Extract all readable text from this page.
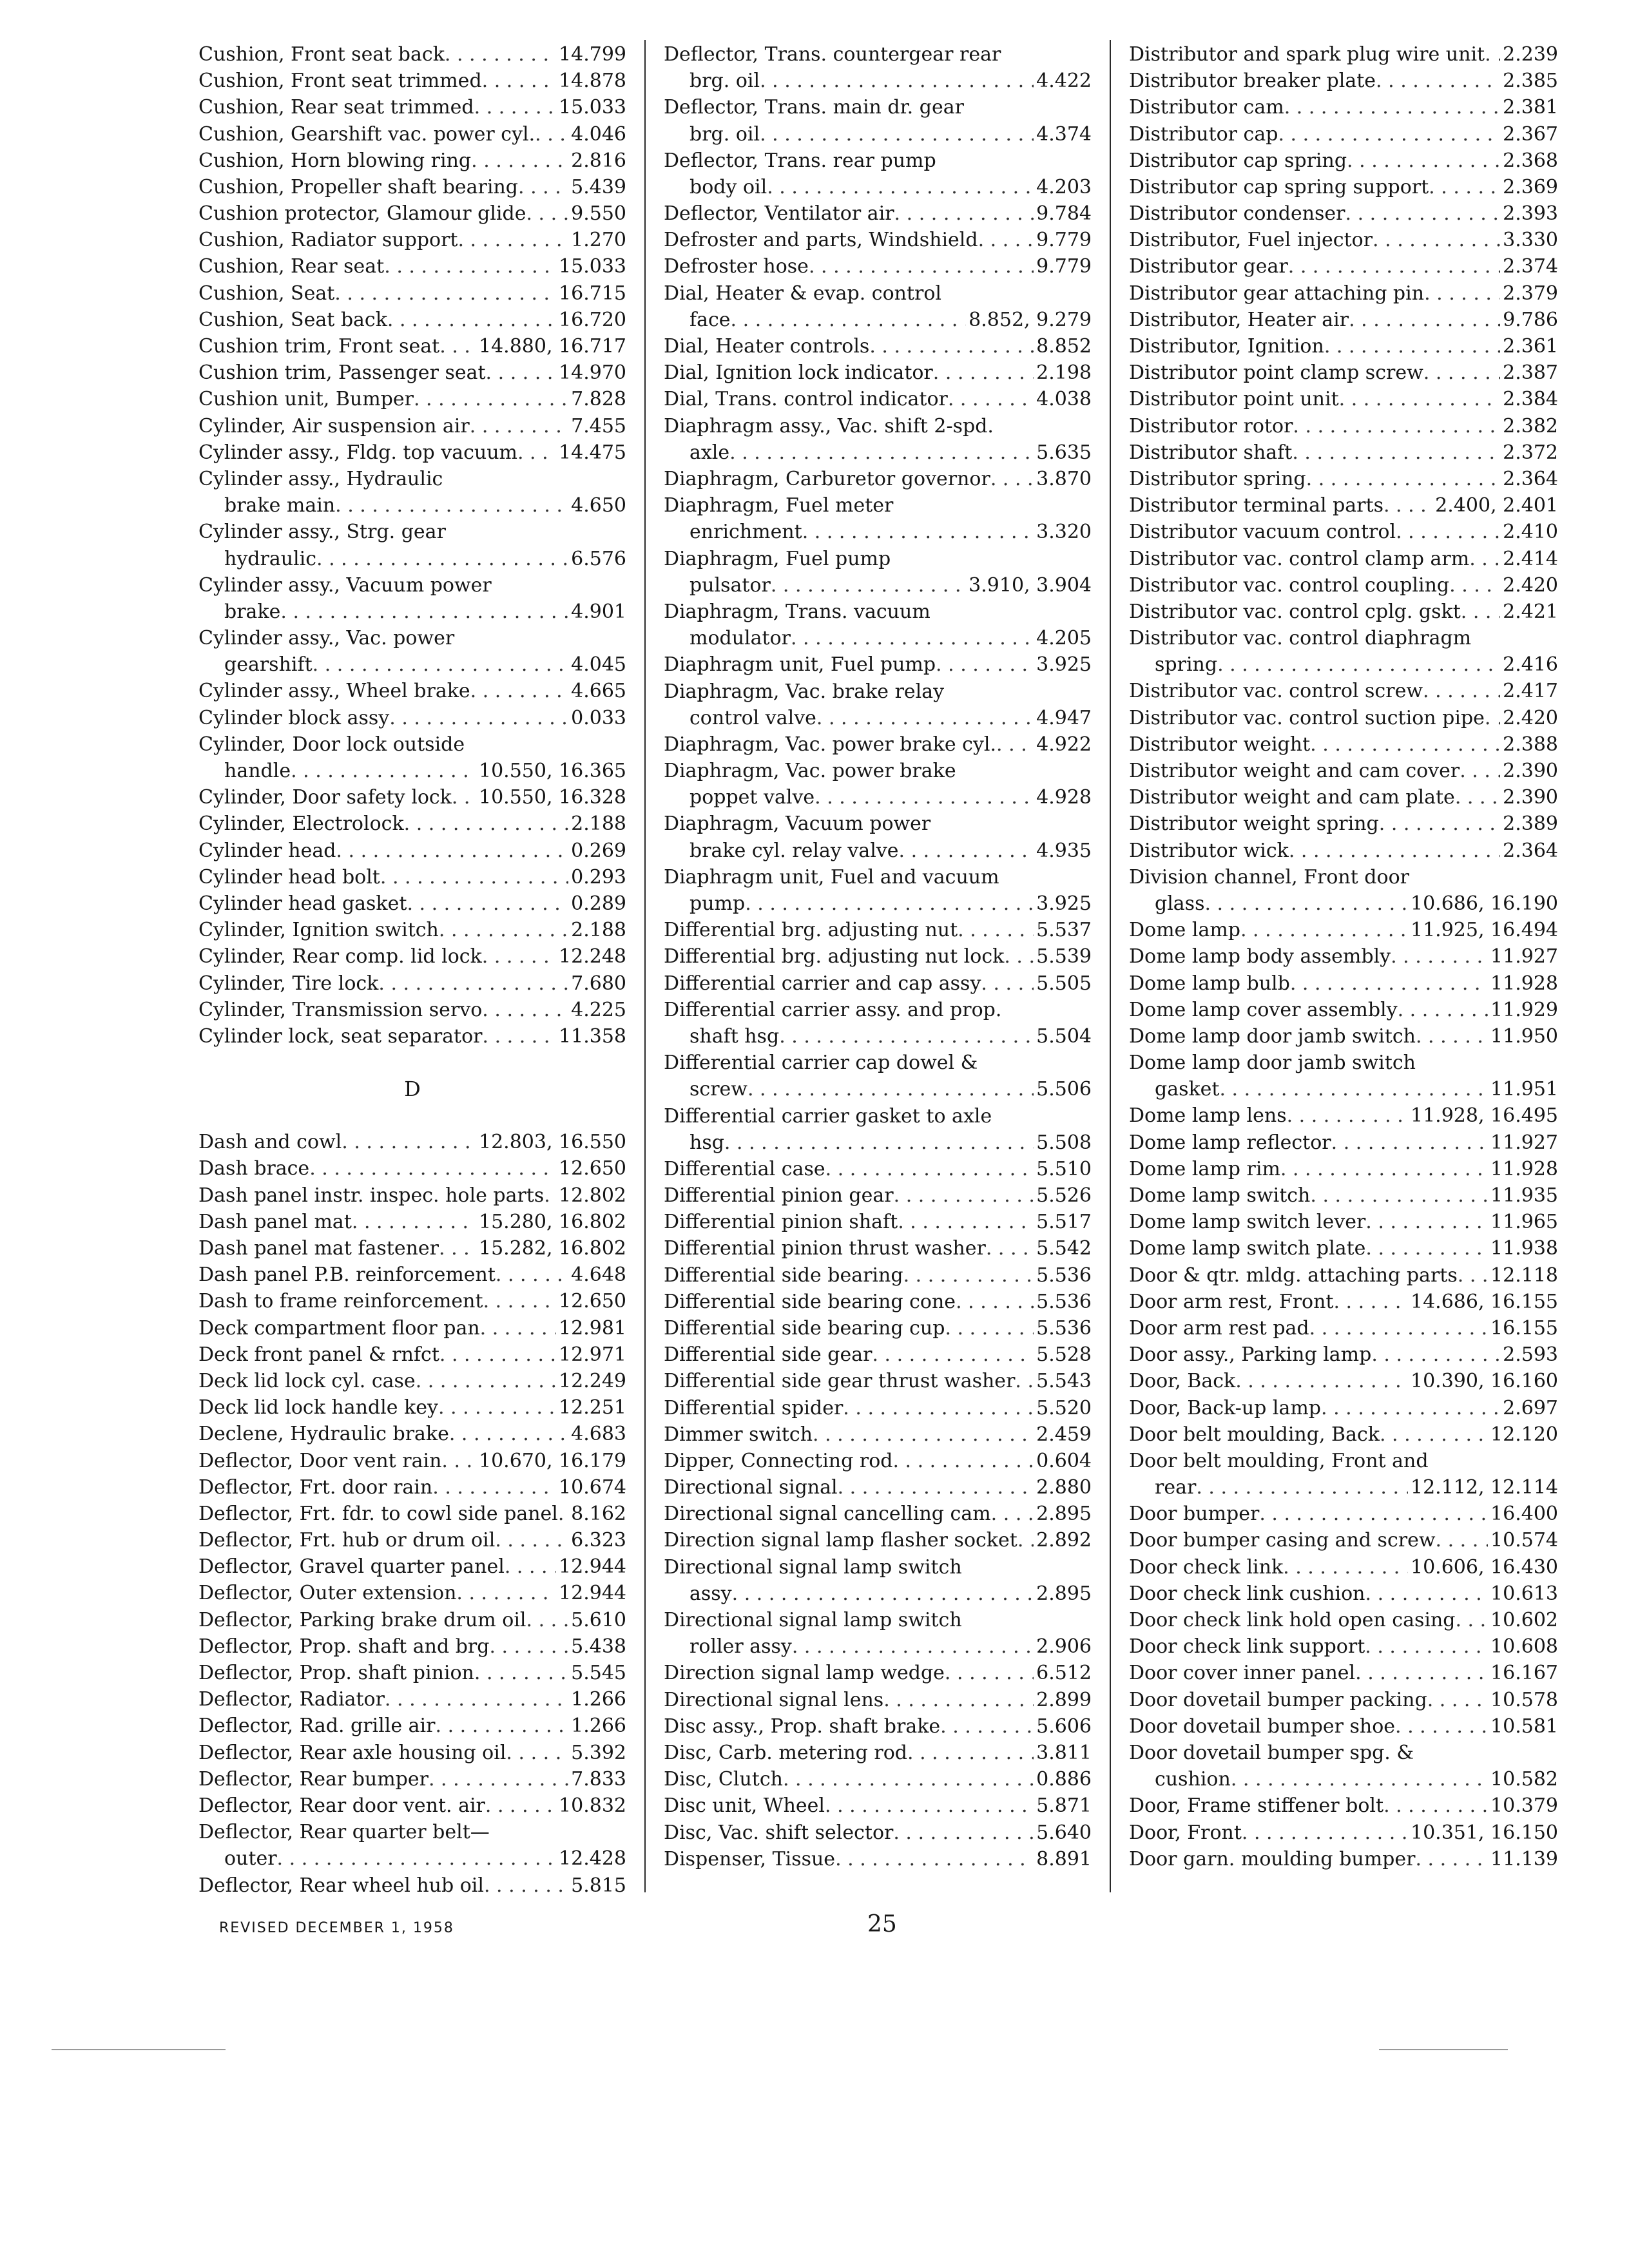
Cushion, Front seat back . . .	14.799
Cushion, Front seat trimmed . . .	14.878
Cushion, Rear seat trimmed . . .	15.033
Cushion, Gearshift vac. power cyl. . . . 4.046
Cushion, Horn blowing ring . . .	2.816
Cushion, Propeller shaft bearing . . .	5.439
Cushion protector, Glamour glide . . . 9.550
Cushion, Radiator support . . .	1.270
Cushion, Rear seat . . .	15.033
Cushion, Seat . . .	16.715
Cushion, Seat back . . .	16.720
Cushion trim, Front seat . . . 14.880, 16.717
Cushion trim, Passenger seat . . .	14.970
Cushion unit, Bumper . . .	7.828
Cylinder, Air suspension air . . .	7.455
Cylinder assy., Fldg. top vacuum . . . 14.475
Cylinder assy., Hydraulic
brake main . . .	4.650
Cylinder assy., Strg. gear
hydraulic . . .	6.576
Cylinder assy., Vacuum power
brake . . .	4.901
Cylinder assy., Vac. power
gearshift . . .	4.045
Cylinder assy., Wheel brake . . .	4.665
Cylinder block assy . . .	0.033
Cylinder, Door lock outside
handle . . .	10.550, 16.365
Cylinder, Door safety lock . . . 10.550, 16.328
Cylinder, Electrolock . . .	2.188
Cylinder head . . .	0.269
Cylinder head bolt . . .	0.293
Cylinder head gasket . . .	0.289
Cylinder, Ignition switch . . .	2.188
Cylinder, Rear comp. lid lock . . .	12.248
Cylinder, Tire lock . . .	7.680
Cylinder, Transmission servo . . .	4.225
Cylinder lock, seat separator . . .	11.358
D
Dash and cowl . . .	12.803, 16.550
Dash brace . . .	12.650
Dash panel instr. inspec. hole parts . . . 12.802
Dash panel mat . . .	15.280, 16.802
Dash panel mat fastener . . . 15.282, 16.802
Dash panel P.B. reinforcement . . .	4.648
Dash to frame reinforcement . . .	12.650
Deck compartment floor pan . . .	12.981
Deck front panel & rnfct . . .	12.971
Deck lid lock cyl. case . . .	12.249
Deck lid lock handle key . . .	12.251
Declene, Hydraulic brake . . .	4.683
Deflector, Door vent rain . . . 10.670, 16.179
Deflector, Frt. door rain . . .	10.674
Deflector, Frt. fdr. to cowl side panel . . . 8.162
Deflector, Frt. hub or drum oil . . .	6.323
Deflector, Gravel quarter panel . . .	12.944
Deflector, Outer extension . . .	12.944
Deflector, Parking brake drum oil . . . 5.610
Deflector, Prop. shaft and brg . . .	5.438
Deflector, Prop. shaft pinion . . .	5.545
Deflector, Radiator . . .	1.266
Deflector, Rad. grille air . . .	1.266
Deflector, Rear axle housing oil . . .	5.392
Deflector, Rear bumper . . .	7.833
Deflector, Rear door vent. air . . .	10.832
Deflector, Rear quarter belt—
outer . . .	12.428
Deflector, Rear wheel hub oil . . .	5.815
Deflector, Trans. countergear rear
brg. oil . . .	4.422
Deflector, Trans. main dr. gear
brg. oil . . .	4.374
Deflector, Trans. rear pump
body oil . . .	4.203
Deflector, Ventilator air . . .	9.784
Defroster and parts, Windshield . . .	9.779
Defroster hose . . .	9.779
Dial, Heater & evap. control
face . . .	8.852, 9.279
Dial, Heater controls . . .	8.852
Dial, Ignition lock indicator . . .	2.198
Dial, Trans. control indicator . . .	4.038
Diaphragm assy., Vac. shift 2-spd.
axle . . .	5.635
Diaphragm, Carburetor governor . . . 3.870
Diaphragm, Fuel meter
enrichment . . .	3.320
Diaphragm, Fuel pump
pulsator . . .	3.910, 3.904
Diaphragm, Trans. vacuum
modulator . . .	4.205
Diaphragm unit, Fuel pump . . .	3.925
Diaphragm, Vac. brake relay
control valve . . .	4.947
Diaphragm, Vac. power brake cyl. . . . 4.922
Diaphragm, Vac. power brake
poppet valve . . .	4.928
Diaphragm, Vacuum power
brake cyl. relay valve . . .	4.935
Diaphragm unit, Fuel and vacuum
pump . . .	3.925
Differential brg. adjusting nut . . .	5.537
Differential brg. adjusting nut lock . . . 5.539
Differential carrier and cap assy . . .	5.505
Differential carrier assy. and prop.
shaft hsg . . .	5.504
Differential carrier cap dowel &
screw . . .	5.506
Differential carrier gasket to axle
hsg . . .	5.508
Differential case . . .	5.510
Differential pinion gear . . .	5.526
Differential pinion shaft . . .	5.517
Differential pinion thrust washer . . .	5.542
Differential side bearing . . .	5.536
Differential side bearing cone . . .	5.536
Differential side bearing cup . . .	5.536
Differential side gear . . .	5.528
Differential side gear thrust washer . . . 5.543
Differential spider . . .	5.520
Dimmer switch . . .	2.459
Dipper, Connecting rod . . .	0.604
Directional signal . . .	2.880
Directional signal cancelling cam . . . 2.895
Direction signal lamp flasher socket . . . 2.892
Directional signal lamp switch
assy . . .	2.895
Directional signal lamp switch
roller assy . . .	2.906
Direction signal lamp wedge . . .	6.512
Directional signal lens . . .	2.899
Disc assy., Prop. shaft brake . . .	5.606
Disc, Carb. metering rod . . .	3.811
Disc, Clutch . . .	0.886
Disc unit, Wheel . . .	5.871
Disc, Vac. shift selector . . .	5.640
Dispenser, Tissue . . .	8.891
Distributor and spark plug wire unit . . . 2.239
Distributor breaker plate . . .	2.385
Distributor cam . . .	2.381
Distributor cap . . .	2.367
Distributor cap spring . . .	2.368
Distributor cap spring support . . .	2.369
Distributor condenser . . .	2.393
Distributor, Fuel injector . . .	3.330
Distributor gear . . .	2.374
Distributor gear attaching pin . . .	2.379
Distributor, Heater air . . .	9.786
Distributor, Ignition . . .	2.361
Distributor point clamp screw . . .	2.387
Distributor point unit . . .	2.384
Distributor rotor . . .	2.382
Distributor shaft . . .	2.372
Distributor spring . . .	2.364
Distributor terminal parts . . .	2.400, 2.401
Distributor vacuum control . . .	2.410
Distributor vac. control clamp arm . . . 2.414
Distributor vac. control coupling . . .	2.420
Distributor vac. control cplg. gskt . . . 2.421
Distributor vac. control diaphragm
spring . . .	2.416
Distributor vac. control screw . . .	2.417
Distributor vac. control suction pipe . . . 2.420
Distributor weight . . .	2.388
Distributor weight and cam cover . . . 2.390
Distributor weight and cam plate . . . 2.390
Distributor weight spring . . .	2.389
Distributor wick . . .	2.364
Division channel, Front door
glass . . .	10.686, 16.190
Dome lamp . . .	11.925, 16.494
Dome lamp body assembly . . .	11.927
Dome lamp bulb . . .	11.928
Dome lamp cover assembly . . .	11.929
Dome lamp door jamb switch . . .	11.950
Dome lamp door jamb switch
gasket . . .	11.951
Dome lamp lens . . .	11.928, 16.495
Dome lamp reflector . . .	11.927
Dome lamp rim . . .	11.928
Dome lamp switch . . .	11.935
Dome lamp switch lever . . .	11.965
Dome lamp switch plate . . .	11.938
Door & qtr. mldg. attaching parts . . . 12.118
Door arm rest, Front . . .	14.686, 16.155
Door arm rest pad . . .	16.155
Door assy., Parking lamp . . .	2.593
Door, Back . . .	10.390, 16.160
Door, Back-up lamp . . .	2.697
Door belt moulding, Back . . .	12.120
Door belt moulding, Front and
rear . . .	12.112, 12.114
Door bumper . . .	16.400
Door bumper casing and screw . . .	10.574
Door check link . . .	10.606, 16.430
Door check link cushion . . .	10.613
Door check link hold open casing . . . 10.602
Door check link support . . .	10.608
Door cover inner panel . . .	16.167
Door dovetail bumper packing . . .	10.578
Door dovetail bumper shoe . . .	10.581
Door dovetail bumper spg. &
cushion . . .	10.582
Door, Frame stiffener bolt . . .	10.379
Door, Front . . .	10.351, 16.150
Door garn. moulding bumper . . .	11.139
REVISED DECEMBER 1, 1958	25
